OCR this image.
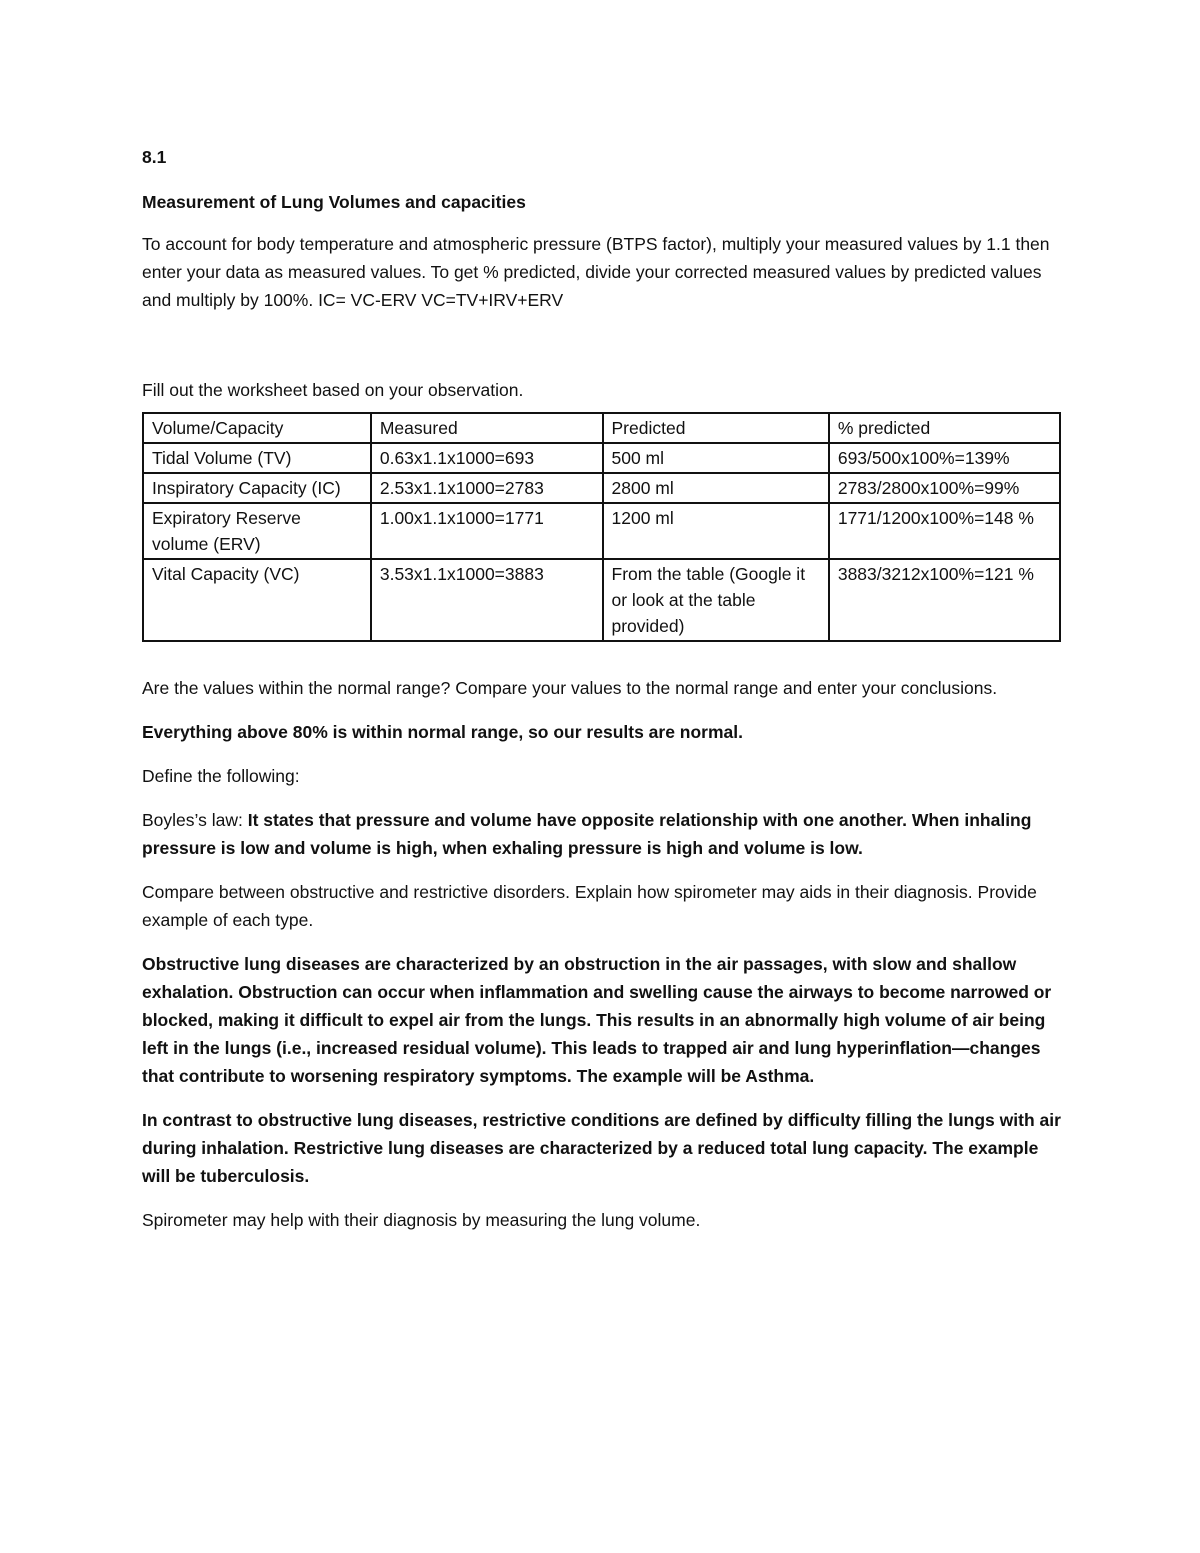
8.1

Measurement of Lung Volumes and capacities

To account for body temperature and atmospheric pressure (BTPS factor), multiply your measured values by 1.1 then enter your data as measured values. To get % predicted, divide your corrected measured values by predicted values and multiply by 100%. IC= VC-ERV VC=TV+IRV+ERV

Fill out the worksheet based on your observation.

Volume/Capacity	Measured	Predicted	% predicted
Tidal Volume (TV)	0.63x1.1x1000=693	500 ml	693/500x100%=139%
Inspiratory Capacity (IC)	2.53x1.1x1000=2783	2800 ml	2783/2800x100%=99%
Expiratory Reserve volume (ERV)	1.00x1.1x1000=1771	1200 ml	1771/1200x100%=148 %
Vital Capacity (VC)	3.53x1.1x1000=3883	From the table (Google it or look at the table provided)	3883/3212x100%=121 %

Are the values within the normal range? Compare your values to the normal range and enter your conclusions.

Everything above 80% is within normal range, so our results are normal.

Define the following:

Boyles’s law: It states that pressure and volume have opposite relationship with one another. When inhaling pressure is low and volume is high, when exhaling pressure is high and volume is low.

Compare between obstructive and restrictive disorders. Explain how spirometer may aids in their diagnosis. Provide example of each type.

Obstructive lung diseases are characterized by an obstruction in the air passages, with slow and shallow exhalation. Obstruction can occur when inflammation and swelling cause the airways to become narrowed or blocked, making it difficult to expel air from the lungs. This results in an abnormally high volume of air being left in the lungs (i.e., increased residual volume). This leads to trapped air and lung hyperinflation—changes that contribute to worsening respiratory symptoms. The example will be Asthma.

In contrast to obstructive lung diseases, restrictive conditions are defined by difficulty filling the lungs with air during inhalation. Restrictive lung diseases are characterized by a reduced total lung capacity. The example will be tuberculosis.

Spirometer may help with their diagnosis by measuring the lung volume.
